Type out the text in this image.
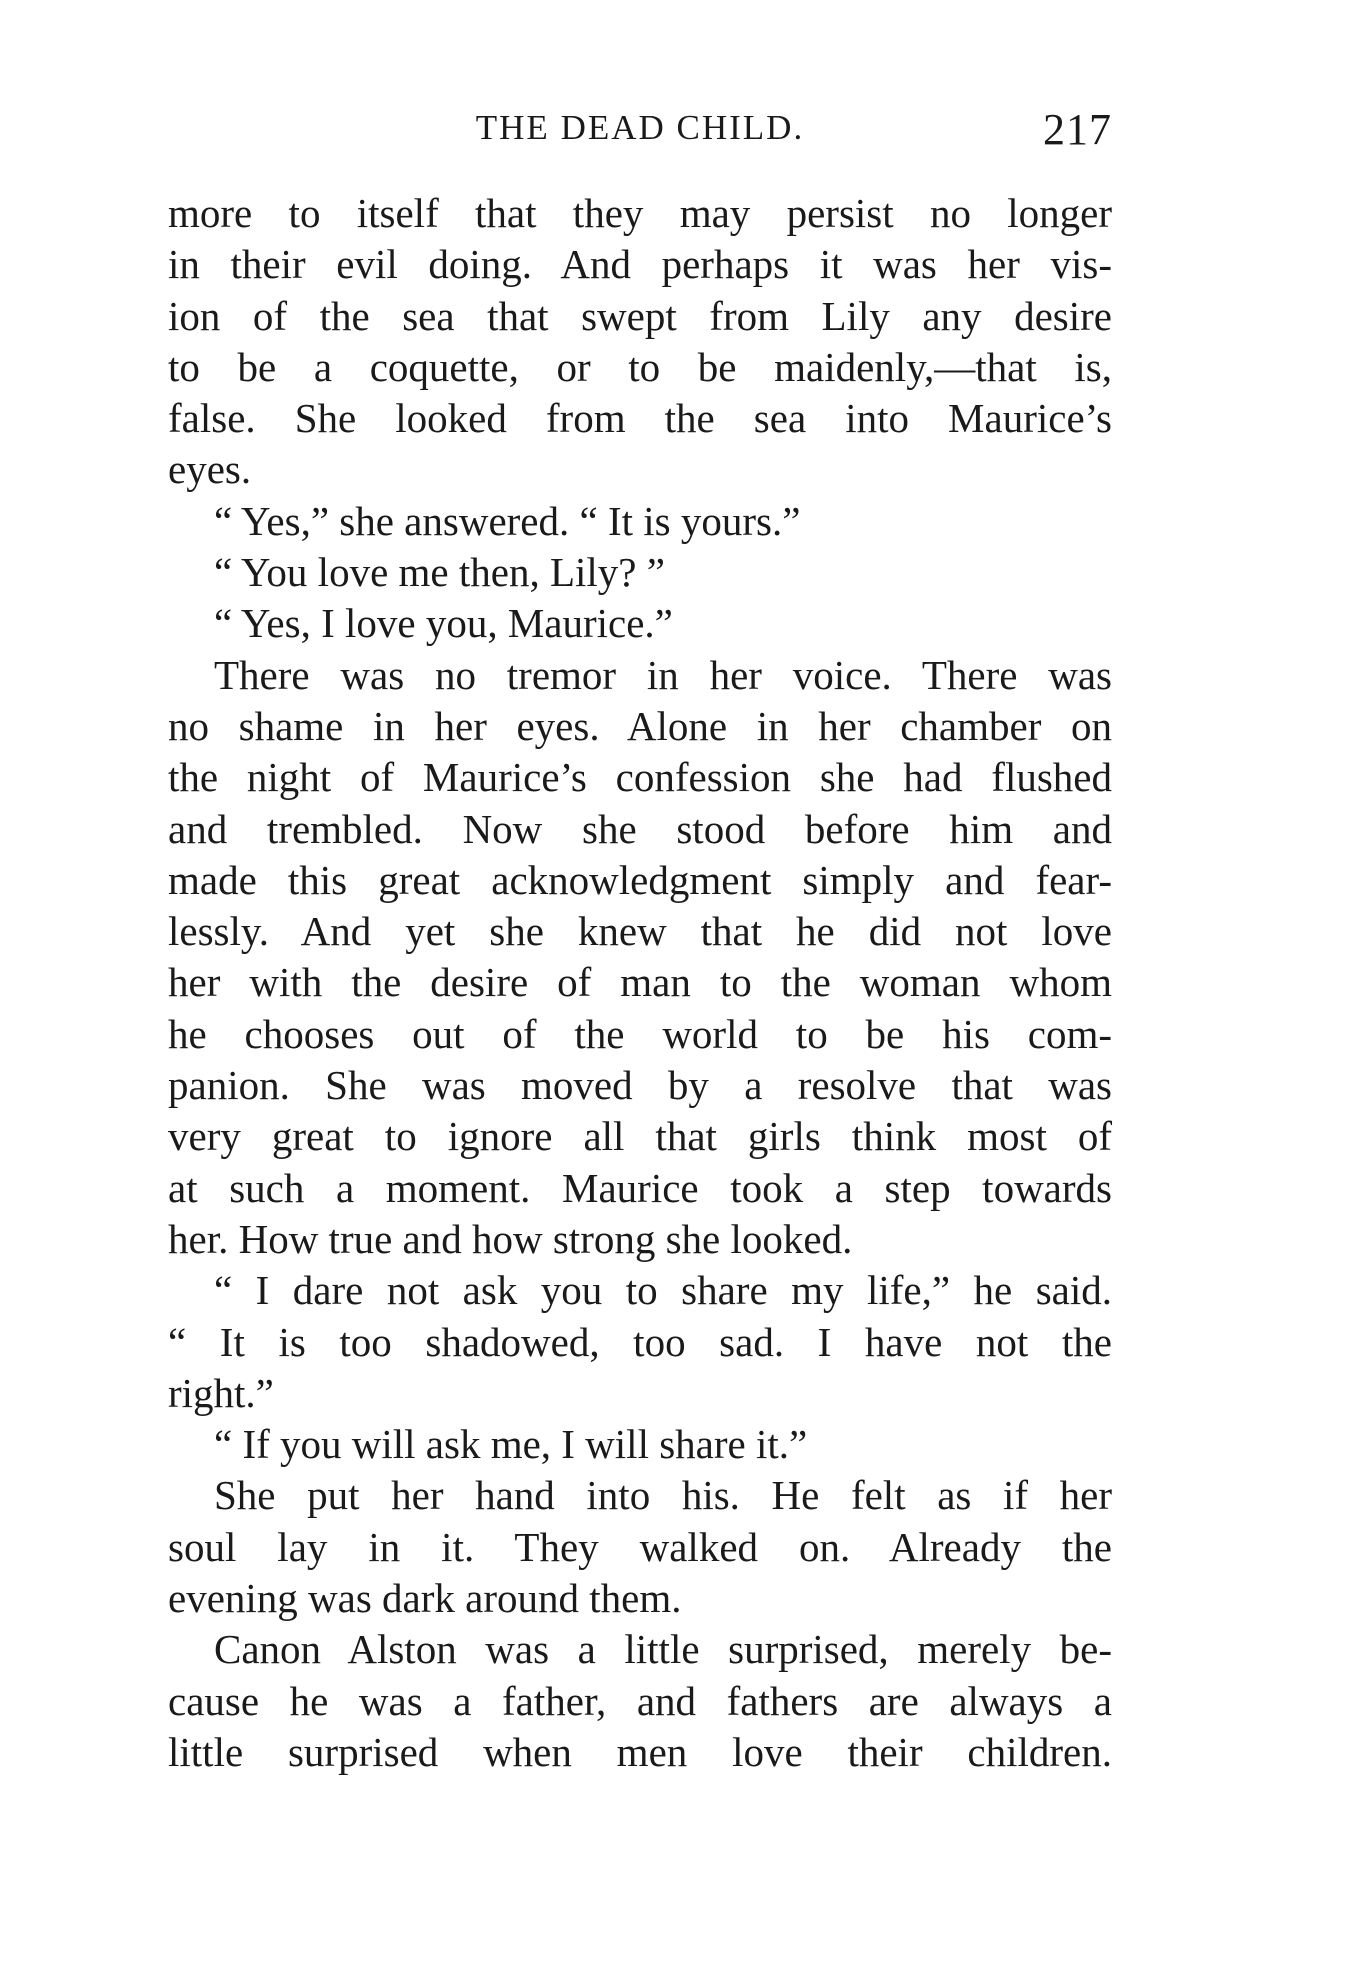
THE DEAD CHILD.	217
more to itself that they may persist no longer
in their evil doing. And perhaps it was her vis-
ion of the sea that swept from Lily any desire
to be a coquette, or to be maidenly,—that is,
false. She looked from the sea into Maurice’s
eyes.
“ Yes,” she answered. “ It is yours.”
“ You love me then, Lily? ”
“ Yes, I love you, Maurice.”
There was no tremor in her voice. There was
no shame in her eyes. Alone in her chamber on
the night of Maurice’s confession she had flushed
and trembled. Now she stood before him and
made this great acknowledgment simply and fear-
lessly. And yet she knew that he did not love
her with the desire of man to the woman whom
he chooses out of the world to be his com-
panion. She was moved by a resolve that was
very great to ignore all that girls think most of
at such a moment. Maurice took a step towards
her. How true and how strong she looked.
“ I dare not ask you to share my life,” he said.
“ It is too shadowed, too sad. I have not the
right.”
“ If you will ask me, I will share it.”
She put her hand into his. He felt as if her
soul lay in it. They walked on. Already the
evening was dark around them.
Canon Alston was a little surprised, merely be-
cause he was a father, and fathers are always a
little surprised when men love their children.
